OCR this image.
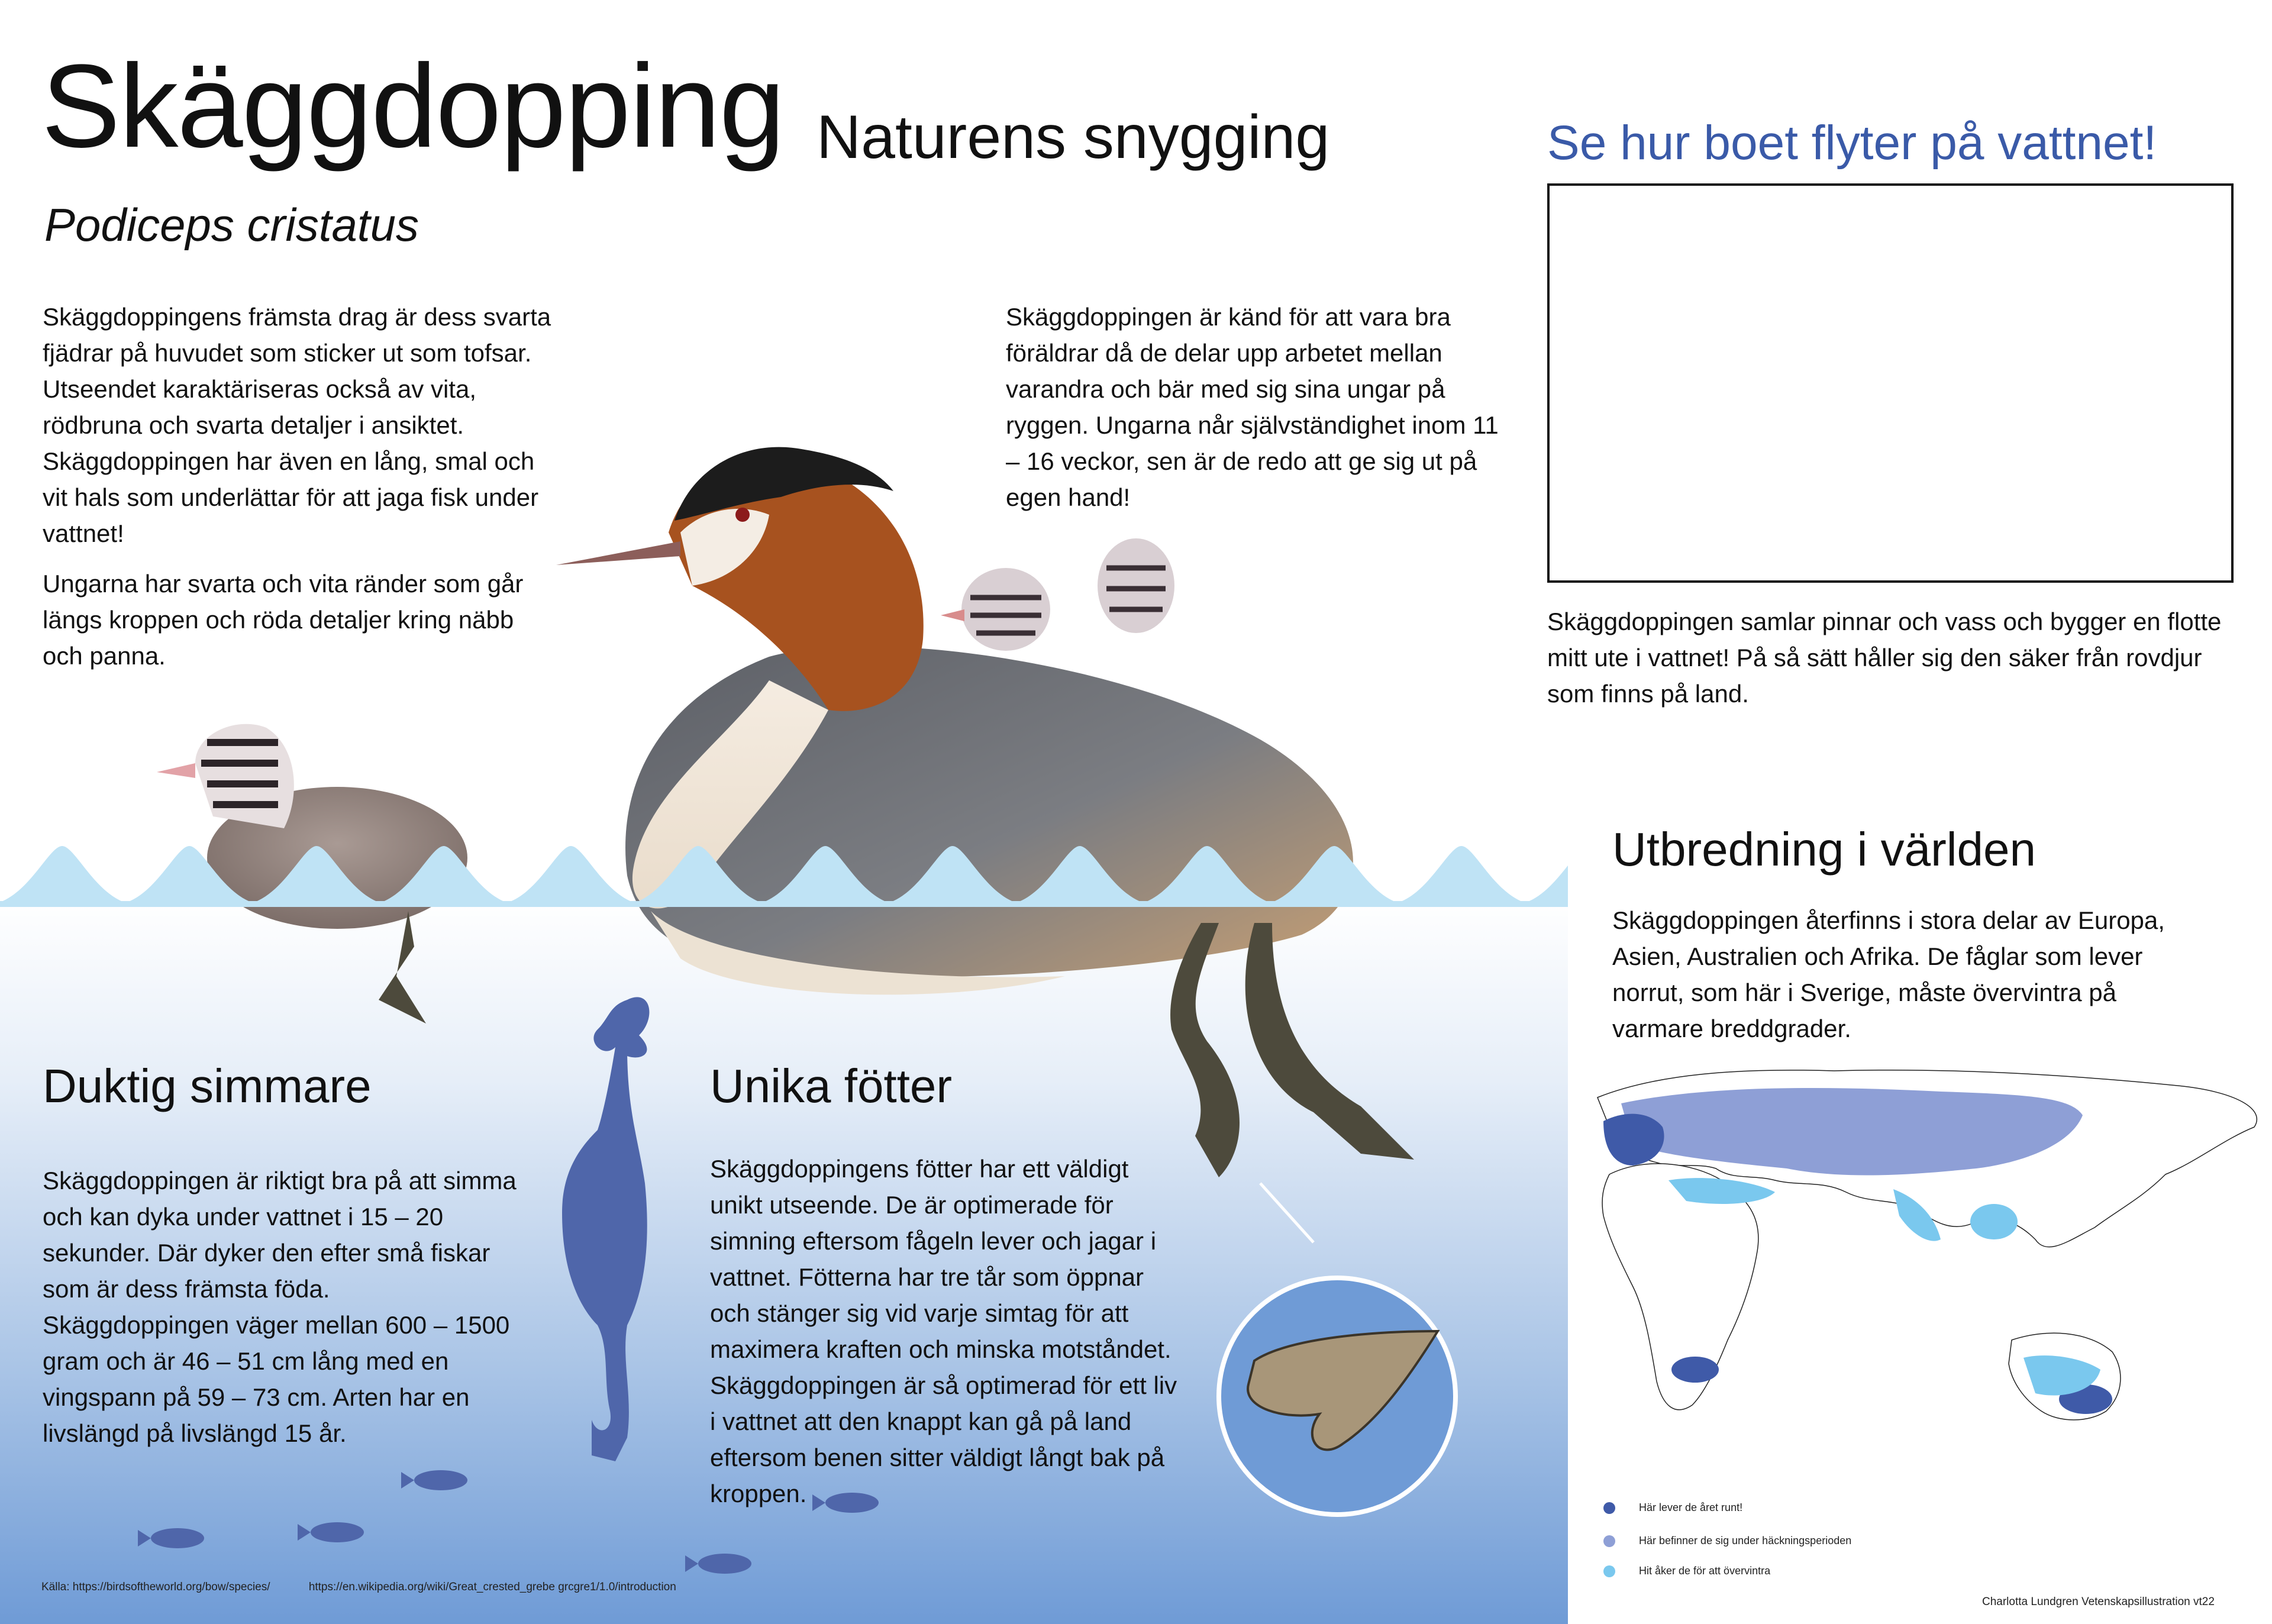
Skäggdopping Naturens snygging
Podiceps cristatus

Skäggdoppingens främsta drag är dess svarta fjädrar på huvudet som sticker ut som tofsar. Utseendet karaktäriseras också av vita, rödbruna och svarta detaljer i ansiktet. Skäggdoppingen har även en lång, smal och vit hals som underlättar för att jaga fisk under vattnet!

Ungarna har svarta och vita ränder som går längs kroppen och röda detaljer kring näbb och panna.

Skäggdoppingen är känd för att vara bra föräldrar då de delar upp arbetet mellan varandra och bär med sig sina ungar på ryggen. Ungarna når självständighet inom 11 – 16 veckor, sen är de redo att ge sig ut på egen hand!

Se hur boet flyter på vattnet!
Skäggdoppingen samlar pinnar och vass och bygger en flotte mitt ute i vattnet! På så sätt håller sig den säker från rovdjur som finns på land.
Utbredning i världen
Skäggdoppingen återfinns i stora delar av Europa, Asien, Australien och Afrika. De fåglar som lever norrut, som här i Sverige, måste övervintra på varmare breddgrader.
Här lever de året runt!
Här befinner de sig under häckningsperioden
Hit åker de för att övervintra
Duktig simmare
Skäggdoppingen är riktigt bra på att simma och kan dyka under vattnet i 15 – 20 sekunder. Där dyker den efter små fiskar som är dess främsta föda. Skäggdoppingen väger mellan 600 – 1500 gram och är 46 – 51 cm lång med en vingspann på 59 – 73 cm. Arten har en livslängd på livslängd 15 år.
Unika fötter
Skäggdoppingens fötter har ett väldigt unikt utseende. De är optimerade för simning eftersom fågeln lever och jagar i vattnet. Fötterna har tre tår som öppnar och stänger sig vid varje simtag för att maximera kraften och minska motståndet. Skäggdoppingen är så optimerad för ett liv i vattnet att den knappt kan gå på land eftersom benen sitter väldigt långt bak på kroppen.
Källa: https://birdsoftheworld.org/bow/species/	https://en.wikipedia.org/wiki/Great_crested_grebe grcgre1/1.0/introduction
Charlotta Lundgren Vetenskapsillustration vt22
